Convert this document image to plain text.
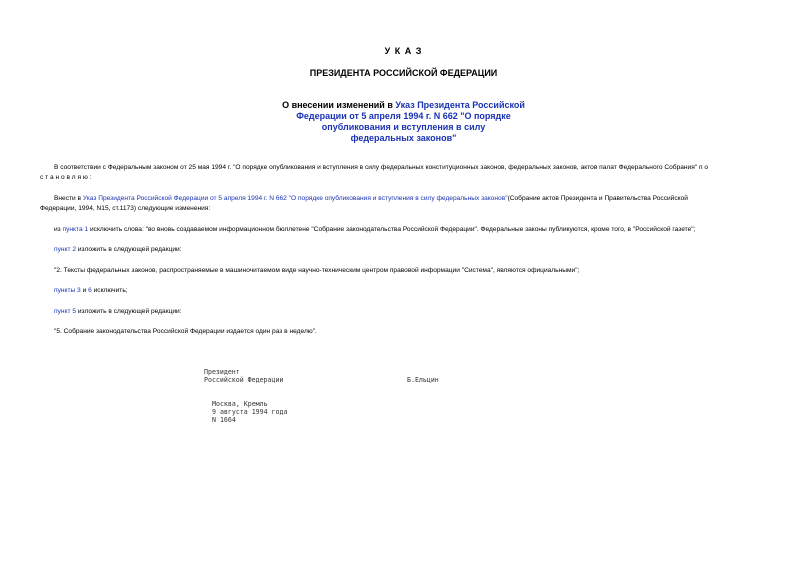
У К А З
ПРЕЗИДЕНТА РОССИЙСКОЙ ФЕДЕРАЦИИ
О внесении изменений в Указ Президента Российской
Федерации от 5 апреля 1994 г. N 662 "О порядке
опубликования и вступления в силу
федеральных законов"
В соответствии с Федеральным законом от 25 мая 1994 г. "О порядке опубликования и вступления в силу федеральных конституционных законов, федеральных законов, актов палат Федерального Собрания" п о
с т а н о в л я ю :
Внести в Указ Президента Российской Федерации от 5 апреля 1994 г. N 662 "О порядке опубликования и вступления в силу федеральных законов"(Собрание актов Президента и Правительства Российской
Федерации, 1994, N15, ст.1173) следующие изменения:
из пункта 1 исключить слова: "во вновь создаваемом информационном бюллетене "Собрание законодательства Российской Федерации". Федеральные законы публикуются, кроме того, в "Российской газете";
пункт 2 изложить в следующей редакции:
"2. Тексты федеральных законов, распространяемые в машиночитаемом виде научно-техническим центром правовой информации "Система", являются официальными";
пункты 3 и 6 исключить;
пункт 5 изложить в следующей редакции:
"5. Собрание законодательства Российской Федерации издается один раз в неделю".
Президент
Российской Федерации	Б.Ельцин
Москва, Кремль
9 августа 1994 года
N 1664
